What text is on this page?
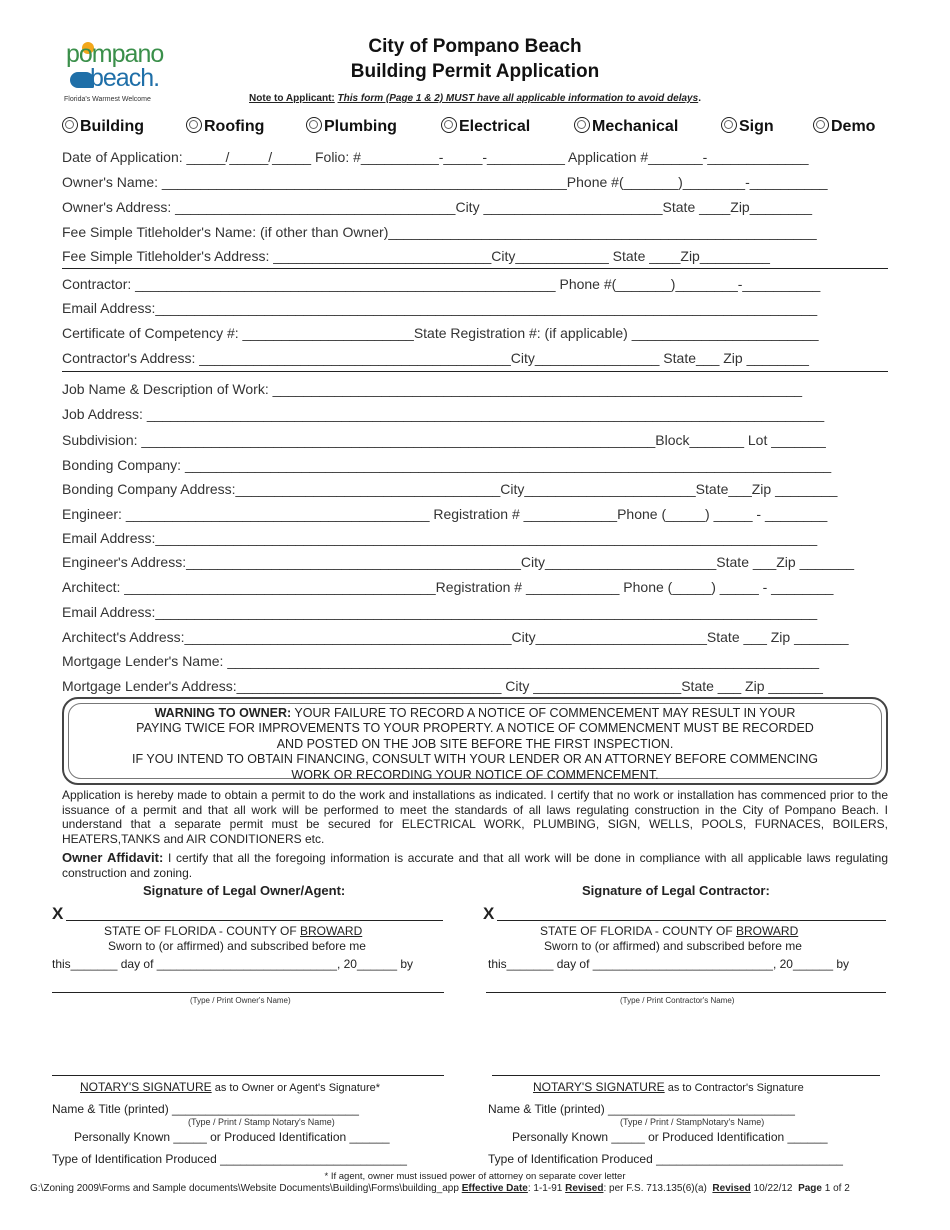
pompano
beach.
Florida's Warmest Welcome
City of Pompano Beach
Building Permit Application
Note to Applicant: This form (Page 1 & 2) MUST have all applicable information to avoid delays.
Building	Roofing	Plumbing	Electrical	Mechanical	Sign	Demo
Date of Application: _____/_____/_____ Folio: #__________-_____-__________ Application #_______-_____________
Owner's Name: ____________________________________________________Phone #(_______)________-__________
Owner's Address: ____________________________________City _______________________State ____Zip________
Fee Simple Titleholder's Name: (if other than Owner)_______________________________________________________
Fee Simple Titleholder's Address: ____________________________City____________ State ____Zip_________
Contractor: ______________________________________________________ Phone #(_______)________-__________
Email Address:_____________________________________________________________________________________
Certificate of Competency #: ______________________State Registration #: (if applicable) ________________________
Contractor's Address: ________________________________________City________________ State___ Zip ________
Job Name & Description of Work: ____________________________________________________________________
Job Address: _______________________________________________________________________________________
Subdivision: __________________________________________________________________Block_______ Lot _______
Bonding Company: ___________________________________________________________________________________
Bonding Company Address:__________________________________City______________________State___Zip ________
Engineer: _______________________________________ Registration # ____________Phone (_____) _____ - ________
Email Address:_____________________________________________________________________________________
Engineer's Address:___________________________________________City______________________State ___Zip _______
Architect: ________________________________________Registration # ____________ Phone (_____) _____ - ________
Email Address:_____________________________________________________________________________________
Architect's Address:__________________________________________City______________________State ___ Zip _______
Mortgage Lender's Name: ____________________________________________________________________________
Mortgage Lender's Address:__________________________________ City ___________________State ___ Zip _______
WARNING TO OWNER: YOUR FAILURE TO RECORD A NOTICE OF COMMENCEMENT MAY RESULT IN YOUR
PAYING TWICE FOR IMPROVEMENTS TO YOUR PROPERTY. A NOTICE OF COMMENCMENT MUST BE RECORDED
AND POSTED ON THE JOB SITE BEFORE THE FIRST INSPECTION.
IF YOU INTEND TO OBTAIN FINANCING, CONSULT WITH YOUR LENDER OR AN ATTORNEY BEFORE COMMENCING
WORK OR RECORDING YOUR NOTICE OF COMMENCEMENT.
Application is hereby made to obtain a permit to do the work and installations as indicated. I certify that no work or installation has commenced prior to the issuance of a permit and that all work will be performed to meet the standards of all laws regulating construction in the City of Pompano Beach. I understand that a separate permit must be secured for ELECTRICAL WORK, PLUMBING, SIGN, WELLS, POOLS, FURNACES, BOILERS, HEATERS,TANKS and AIR CONDITIONERS etc.
Owner Affidavit: I certify that all the foregoing information is accurate and that all work will be done in compliance with all applicable laws regulating construction and zoning.
Signature of Legal Owner/Agent:	Signature of Legal Contractor:
X	X
STATE OF FLORIDA - COUNTY OF BROWARD	STATE OF FLORIDA - COUNTY OF BROWARD
Sworn to (or affirmed) and subscribed before me	Sworn to (or affirmed) and subscribed before me
this_______ day of ___________________________, 20______ by	this_______ day of ___________________________, 20______ by
(Type / Print Owner's Name)	(Type / Print Contractor's Name)
NOTARY'S SIGNATURE as to Owner or Agent's Signature*	NOTARY'S SIGNATURE as to Contractor's Signature
Name & Title (printed) ____________________________	Name & Title (printed) ____________________________
(Type / Print / Stamp Notary's Name)	(Type / Print / StampNotary's Name)
Personally Known _____ or Produced Identification ______	Personally Known _____ or Produced Identification ______
Type of Identification Produced ____________________________	Type of Identification Produced ____________________________
* If agent, owner must issued power of attorney on separate cover letter
G:\Zoning 2009\Forms and Sample documents\Website Documents\Building\Forms\building_app Effective Date: 1-1-91 Revised: per F.S. 713.135(6)(a) Revised 10/22/12 Page 1 of 2
